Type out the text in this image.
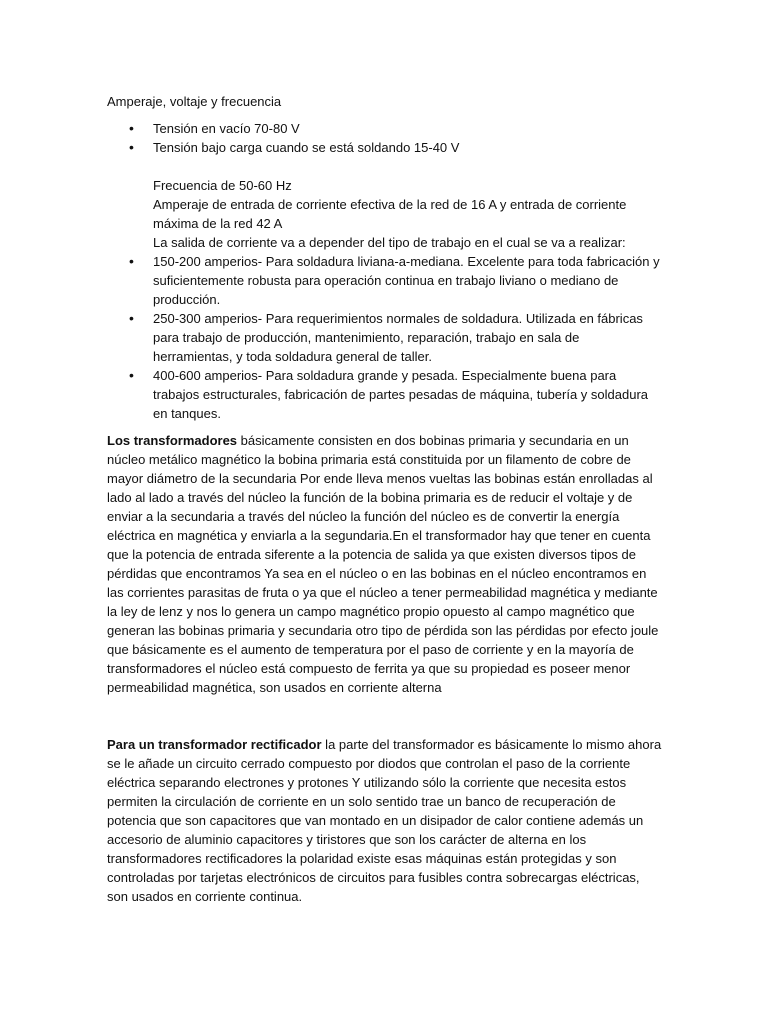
Amperaje, voltaje y frecuencia

• Tensión en vacío 70-80 V
• Tensión bajo carga cuando se está soldando 15-40 V

Frecuencia de 50-60 Hz

Amperaje de entrada de corriente efectiva de la red de 16 A y entrada de corriente máxima de la red 42 A

La salida de corriente va a depender del tipo de trabajo en el cual se va a realizar:

• 150-200 amperios- Para soldadura liviana-a-mediana. Excelente para toda fabricación y suficientemente robusta para operación continua en trabajo liviano o mediano de producción.
• 250-300 amperios- Para requerimientos normales de soldadura. Utilizada en fábricas para trabajo de producción, mantenimiento, reparación, trabajo en sala de herramientas, y toda soldadura general de taller.
• 400-600 amperios- Para soldadura grande y pesada. Especialmente buena para trabajos estructurales, fabricación de partes pesadas de máquina, tubería y soldadura en tanques.

Los transformadores básicamente consisten en dos bobinas primaria y secundaria en un núcleo metálico magnético la bobina primaria está constituida por un filamento de cobre de mayor diámetro de la secundaria Por ende lleva menos vueltas las bobinas están enrolladas al lado al lado a través del núcleo la función de la bobina primaria es de reducir el voltaje y de enviar a la secundaria a través del núcleo la función del núcleo es de convertir la energía eléctrica en magnética y enviarla a la segundaria.En el transformador hay que tener en cuenta que la potencia de entrada siferente a la potencia de salida ya que existen diversos tipos de pérdidas que encontramos Ya sea en el núcleo o en las bobinas en el núcleo encontramos en las corrientes parasitas de fruta o ya que el núcleo a tener permeabilidad magnética y mediante la ley de lenz y nos lo genera un campo magnético propio opuesto al campo magnético que generan las bobinas primaria y secundaria otro tipo de pérdida son las pérdidas por efecto joule que básicamente es el aumento de temperatura por el paso de corriente y en la mayoría de transformadores el núcleo está compuesto de ferrita ya que su propiedad es poseer menor permeabilidad magnética, son usados en corriente alterna

Para un transformador rectificador la parte del transformador es básicamente lo mismo ahora se le añade un circuito cerrado compuesto por diodos que controlan el paso de la corriente eléctrica separando electrones y protones Y utilizando sólo la corriente que necesita estos permiten la circulación de corriente en un solo sentido trae un banco de recuperación de potencia que son capacitores que van montado en un disipador de calor contiene además un accesorio de aluminio capacitores y tiristores que son los carácter de alterna en los transformadores rectificadores la polaridad existe esas máquinas están protegidas y son controladas por tarjetas electrónicos de circuitos para fusibles contra sobrecargas eléctricas, son usados en corriente continua.
